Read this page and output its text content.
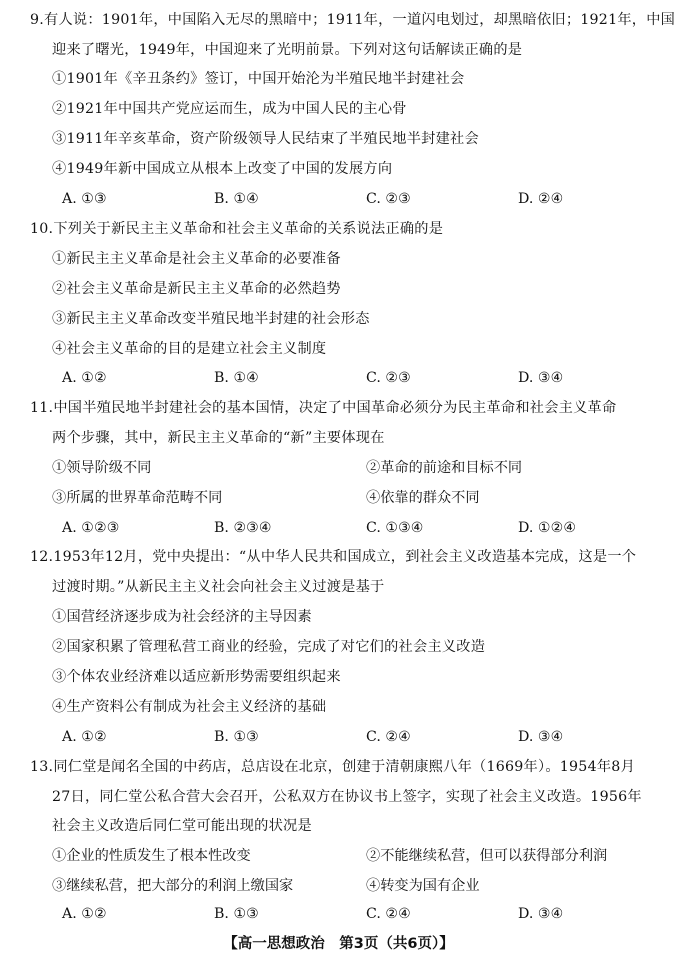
9.有人说：1901年，中国陷入无尽的黑暗中；1911年，一道闪电划过，却黑暗依旧；1921年，中国
迎来了曙光，1949年，中国迎来了光明前景。下列对这句话解读正确的是
①1901年《辛丑条约》签订，中国开始沦为半殖民地半封建社会
②1921年中国共产党应运而生，成为中国人民的主心骨
③1911年辛亥革命，资产阶级领导人民结束了半殖民地半封建社会
④1949年新中国成立从根本上改变了中国的发展方向
A. ①③	B. ①④	C. ②③	D. ②④
10.下列关于新民主主义革命和社会主义革命的关系说法正确的是
①新民主主义革命是社会主义革命的必要准备
②社会主义革命是新民主主义革命的必然趋势
③新民主主义革命改变半殖民地半封建的社会形态
④社会主义革命的目的是建立社会主义制度
A. ①②	B. ①④	C. ②③	D. ③④
11.中国半殖民地半封建社会的基本国情，决定了中国革命必须分为民主革命和社会主义革命
两个步骤，其中，新民主主义革命的“新”主要体现在
①领导阶级不同	②革命的前途和目标不同
③所属的世界革命范畴不同	④依靠的群众不同
A. ①②③	B. ②③④	C. ①③④	D. ①②④
12.1953年12月，党中央提出：“从中华人民共和国成立，到社会主义改造基本完成，这是一个
过渡时期。”从新民主主义社会向社会主义过渡是基于
①国营经济逐步成为社会经济的主导因素
②国家积累了管理私营工商业的经验，完成了对它们的社会主义改造
③个体农业经济难以适应新形势需要组织起来
④生产资料公有制成为社会主义经济的基础
A. ①②	B. ①③	C. ②④	D. ③④
13.同仁堂是闻名全国的中药店，总店设在北京，创建于清朝康熙八年（1669年）。1954年8月
27日，同仁堂公私合营大会召开，公私双方在协议书上签字，实现了社会主义改造。1956年
社会主义改造后同仁堂可能出现的状况是
①企业的性质发生了根本性改变	②不能继续私营，但可以获得部分利润
③继续私营，把大部分的利润上缴国家	④转变为国有企业
A. ①②	B. ①③	C. ②④	D. ③④
【高一思想政治　第3页（共6页）】
